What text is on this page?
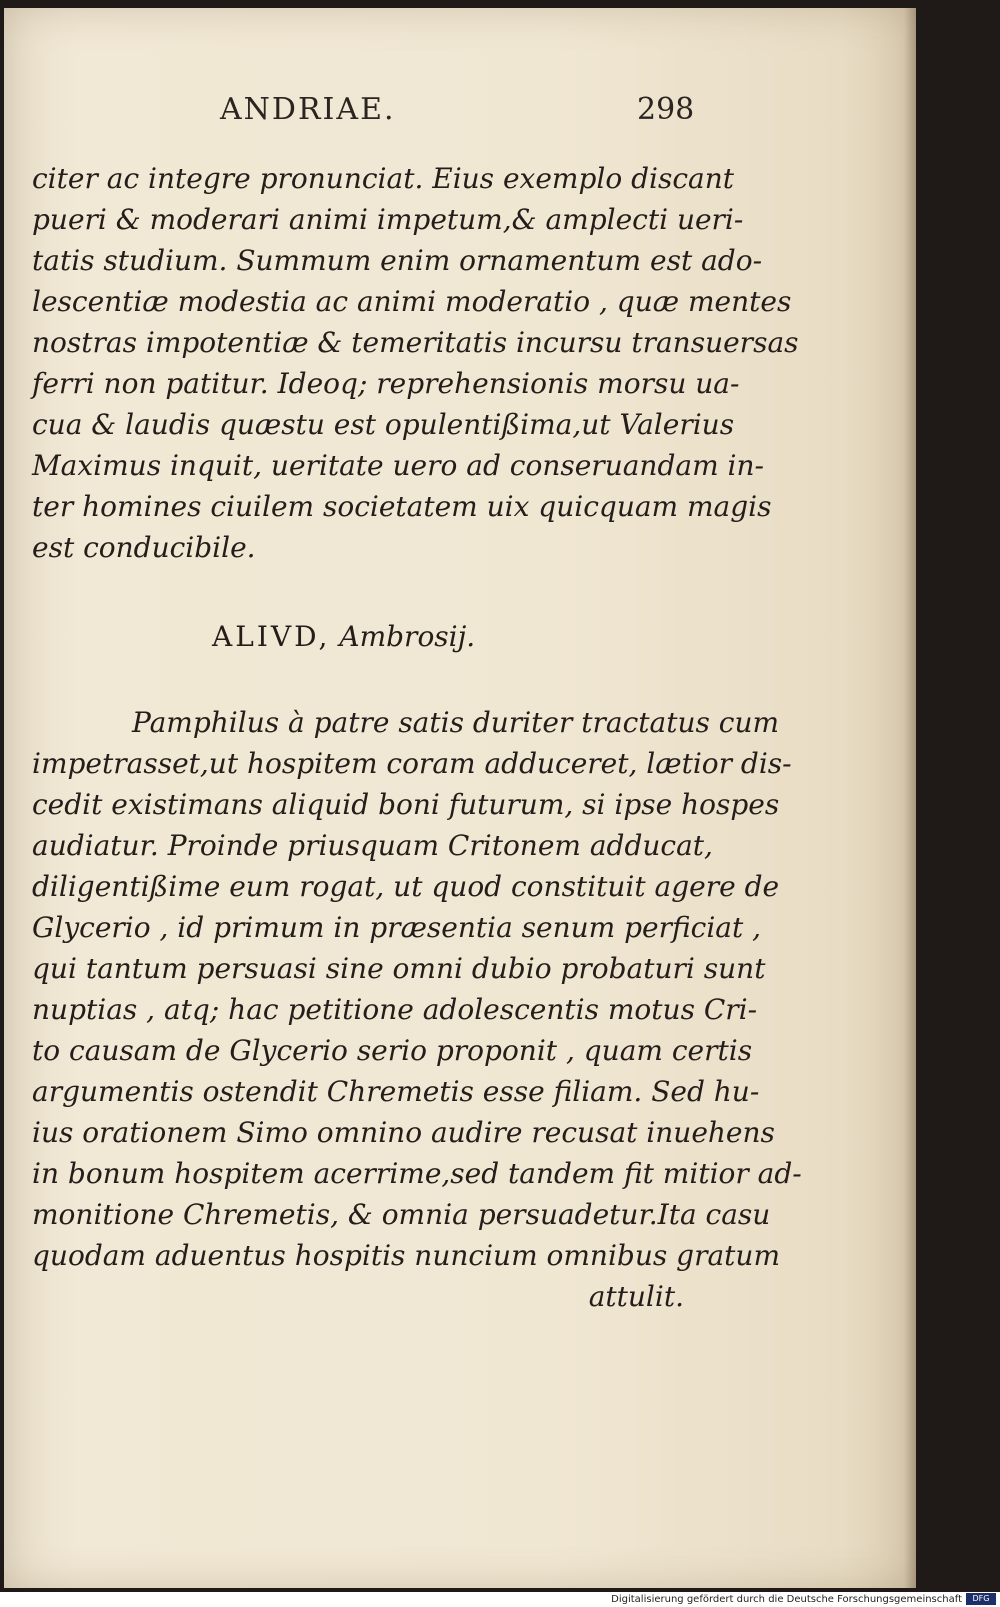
ANDRIAE.	298
citer ac integre pronunciat. Eius exemplo discant
pueri & moderari animi impetum,& amplecti ueri-
tatis studium. Summum enim ornamentum est ado-
lescentiæ modestia ac animi moderatio , quæ mentes
nostras impotentiæ & temeritatis incursu transuersas
ferri non patitur. Ideoq; reprehensionis morsu ua-
cua & laudis quæstu est opulentißima,ut Valerius
Maximus inquit, ueritate uero ad conseruandam in-
ter homines ciuilem societatem uix quicquam magis
est conducibile.
ALIVD, Ambrosij.
Pamphilus à patre satis duriter tractatus cum
impetrasset,ut hospitem coram adduceret, lætior dis-
cedit existimans aliquid boni futurum, si ipse hospes
audiatur. Proinde priusquam Critonem adducat,
diligentißime eum rogat, ut quod constituit agere de
Glycerio , id primum in præsentia senum perficiat ,
qui tantum persuasi sine omni dubio probaturi sunt
nuptias , atq; hac petitione adolescentis motus Cri-
to causam de Glycerio serio proponit , quam certis
argumentis ostendit Chremetis esse filiam. Sed hu-
ius orationem Simo omnino audire recusat inuehens
in bonum hospitem acerrime,sed tandem fit mitior ad-
monitione Chremetis, & omnia persuadetur.Ita casu
quodam aduentus hospitis nuncium omnibus gratum
attulit.
Digitalisierung gefördert durch die Deutsche Forschungsgemeinschaft	DFG
